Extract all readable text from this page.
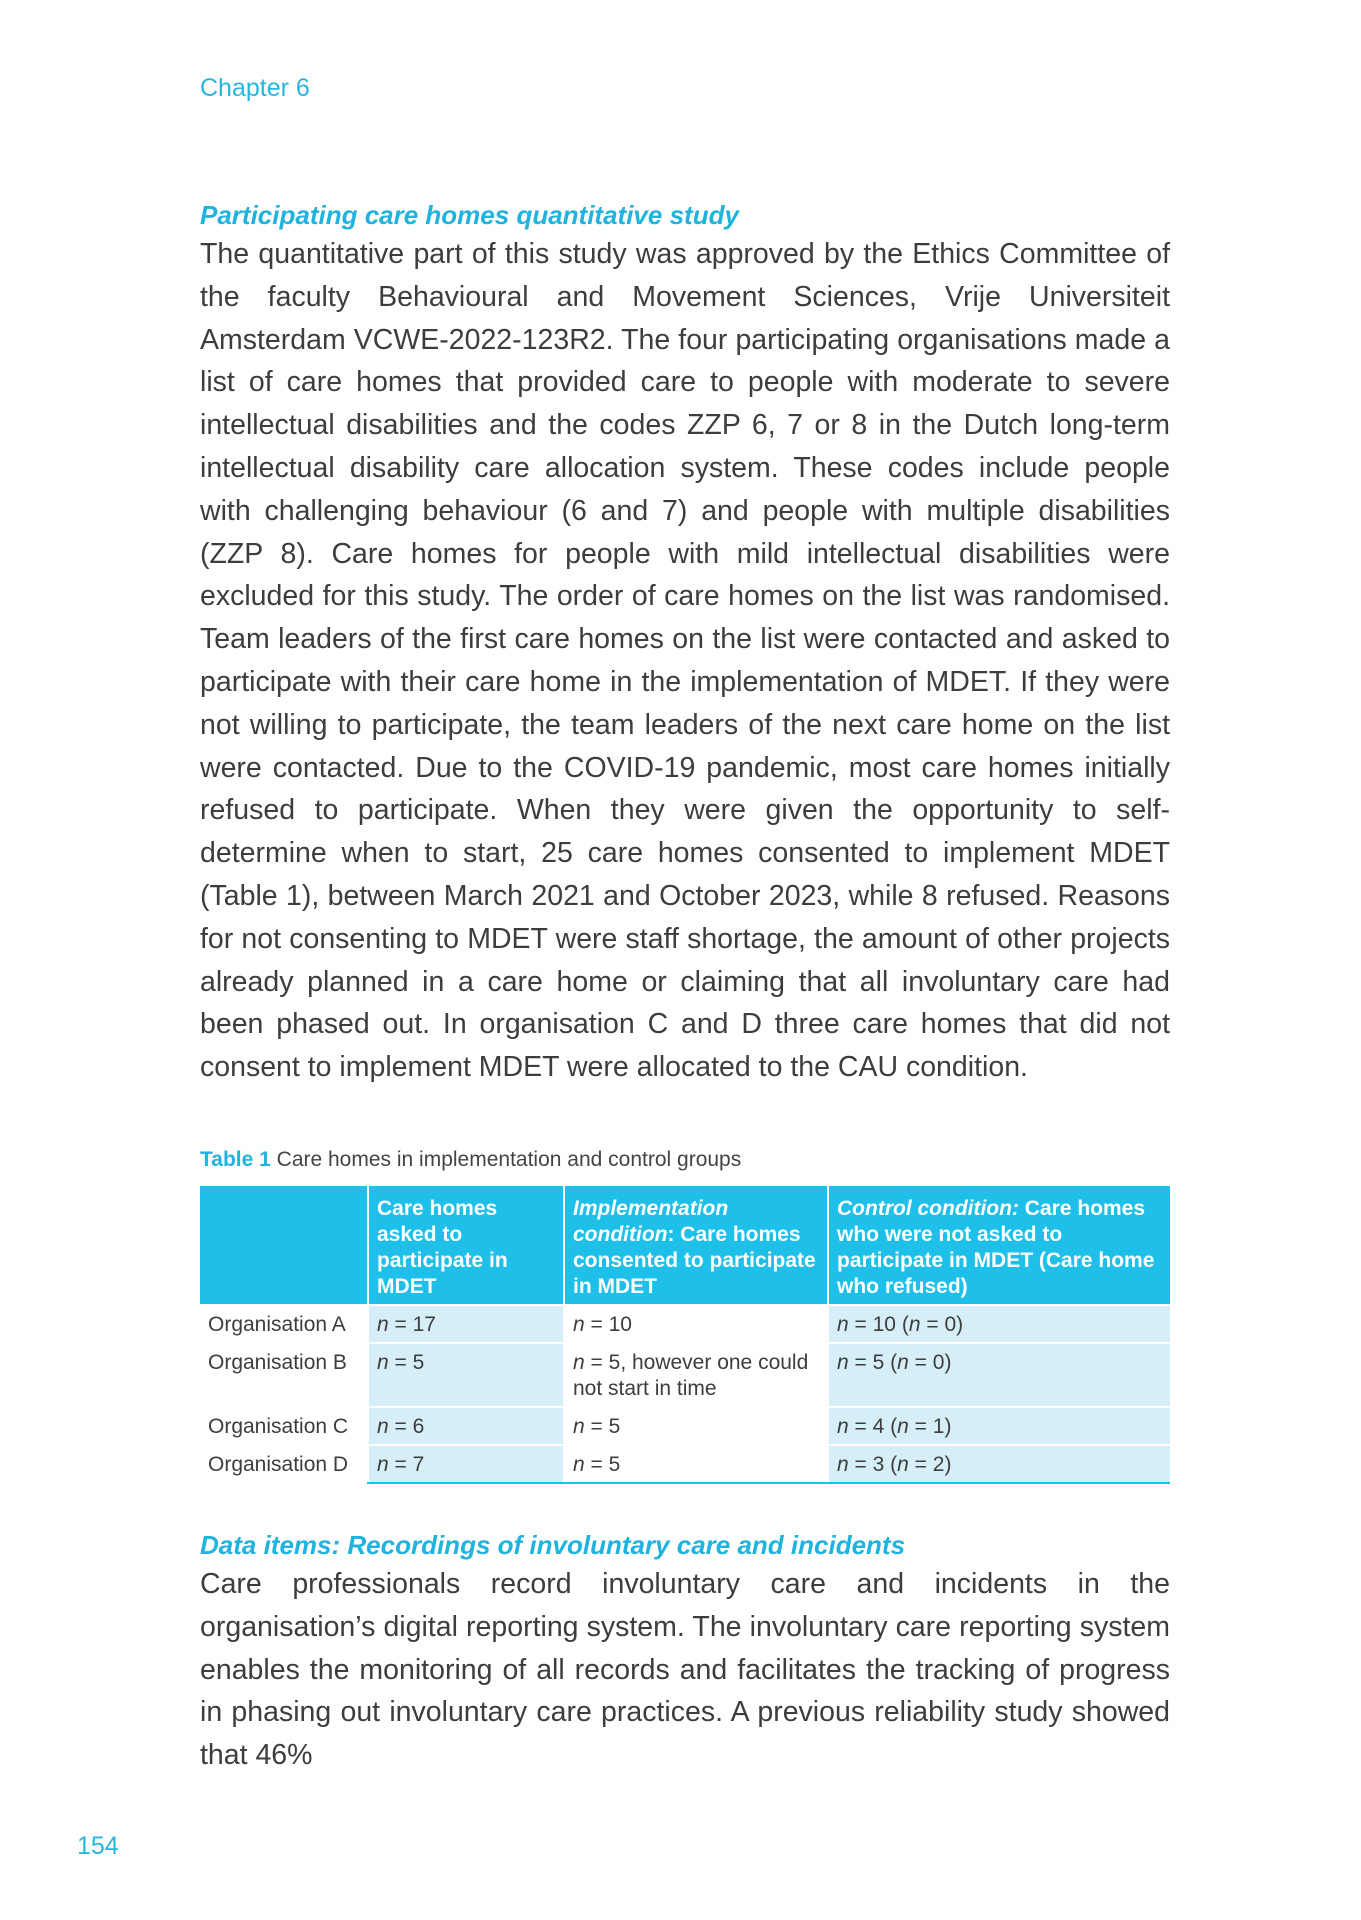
Chapter 6
Participating care homes quantitative study

The quantitative part of this study was approved by the Ethics Committee of the faculty Behavioural and Movement Sciences, Vrije Universiteit Amsterdam VCWE-2022-123R2. The four participating organisations made a list of care homes that provided care to people with moderate to severe intellectual disabilities and the codes ZZP 6, 7 or 8 in the Dutch long-term intellectual disability care allocation system. These codes include people with challenging behaviour (6 and 7) and people with multiple disabilities (ZZP 8). Care homes for people with mild intellectual disabilities were excluded for this study. The order of care homes on the list was randomised. Team leaders of the first care homes on the list were contacted and asked to participate with their care home in the implementation of MDET. If they were not willing to participate, the team leaders of the next care home on the list were contacted. Due to the COVID-19 pandemic, most care homes initially refused to participate. When they were given the opportunity to self-determine when to start, 25 care homes consented to implement MDET (Table 1), between March 2021 and October 2023, while 8 refused. Reasons for not consenting to MDET were staff shortage, the amount of other projects already planned in a care home or claiming that all involuntary care had been phased out. In organisation C and D three care homes that did not consent to implement MDET were allocated to the CAU condition.

Table 1 Care homes in implementation and control groups
	Care homes asked to participate in MDET	Implementation condition: Care homes consented to participate in MDET	Control condition: Care homes who were not asked to participate in MDET (Care home who refused)
Organisation A	n = 17	n = 10	n = 10 (n = 0)
Organisation B	n = 5	n = 5, however one could not start in time	n = 5 (n = 0)
Organisation C	n = 6	n = 5	n = 4 (n = 1)
Organisation D	n = 7	n = 5	n = 3 (n = 2)
Data items: Recordings of involuntary care and incidents

Care professionals record involuntary care and incidents in the organisation’s digital reporting system. The involuntary care reporting system enables the monitoring of all records and facilitates the tracking of progress in phasing out involuntary care practices. A previous reliability study showed that 46%

154
